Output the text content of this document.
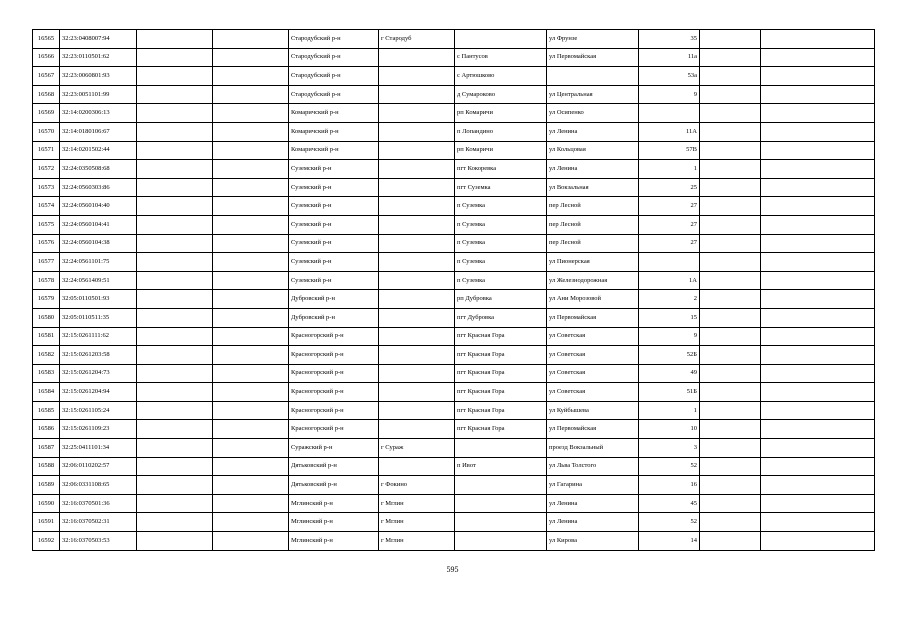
16565	32:23:0408007:94			Стародубский р-н	г Стародуб		ул Фрунзе	35		
16566	32:23:0110501:62			Стародубский р-н		с Пантусов	ул Первомайская	11а		
16567	32:23:0060801:93			Стародубский р-н		с Артюшково		53а		
16568	32:23:0051101:99			Стародубский р-н		д Сумароково	ул Центральная	9		
16569	32:14:0200306:13			Комаричский р-н		рп Комаричи	ул Осипенко			
16570	32:14:0180106:67			Комаричский р-н		п Лопандино	ул Ленина	11А		
16571	32:14:0201502:44			Комаричский р-н		рп Комаричи	ул Кольцовая	57В		
16572	32:24:0350508:68			Суземский р-н		пгт Кокоревка	ул Ленина	1		
16573	32:24:0560303:86			Суземский р-н		пгт Суземка	ул Вокзальная	25		
16574	32:24:0560104:40			Суземский р-н		п Суземка	пер Лесной	27		
16575	32:24:0560104:41			Суземский р-н		п Суземка	пер Лесной	27		
16576	32:24:0560104:38			Суземский р-н		п Суземка	пер Лесной	27		
16577	32:24:0561101:75			Суземский р-н		п Суземка	ул Пионерская			
16578	32:24:0561409:51			Суземский р-н		п Суземка	ул Железнодорожная	1А		
16579	32:05:0110501:93			Дубровский р-н		рп Дубровка	ул Ани Морозовой	2		
16580	32:05:0110511:35			Дубровский р-н		пгт Дубровка	ул Первомайская	15		
16581	32:15:0261111:62			Красногорский р-н		пгт Красная Гора	ул Советская	9		
16582	32:15:0261203:58			Красногорский р-н		пгт Красная Гора	ул Советская	52Б		
16583	32:15:0261204:73			Красногорский р-н		пгт Красная Гора	ул Советская	49		
16584	32:15:0261204:94			Красногорский р-н		пгт Красная Гора	ул Советская	51Б		
16585	32:15:0261105:24			Красногорский р-н		пгт Красная Гора	ул Куйбышева	1		
16586	32:15:0261109:23			Красногорский р-н		пгт Красная Гора	ул Первомайская	10		
16587	32:25:0411101:34			Суражский р-н	г Сураж		проезд Вокзальный	3		
16588	32:06:0110202:57			Дятьковский р-н		п Ивот	ул Льва Толстого	52		
16589	32:06:0331108:65			Дятьковский р-н	г Фокино		ул Гагарина	16		
16590	32:16:0370501:36			Мглинский р-н	г Мглин		ул Ленина	45		
16591	32:16:0370502:31			Мглинский р-н	г Мглин		ул Ленина	52		
16592	32:16:0370503:53			Мглинский р-н	г Мглин		ул Кирова	14		
595
